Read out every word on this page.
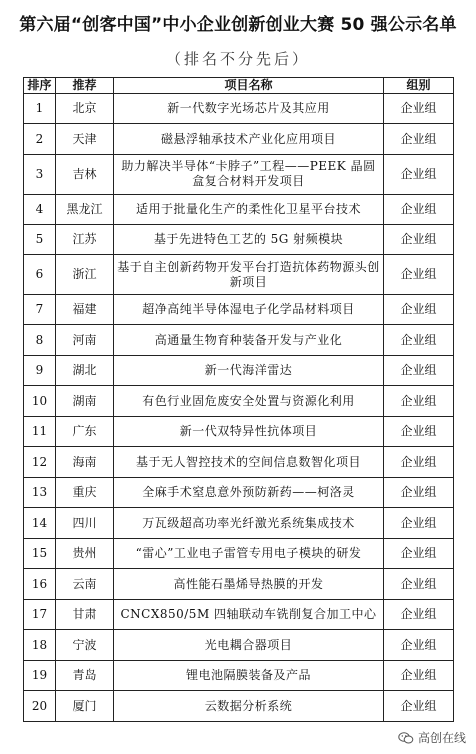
第六届“创客中国”中小企业创新创业大赛 50 强公示名单
（排名不分先后）
排序	推荐	项目名称	组别
1	北京	新一代数字光场芯片及其应用	企业组
2	天津	磁悬浮轴承技术产业化应用项目	企业组
3	吉林	助力解决半导体“卡脖子”工程——PEEK 晶圆盒复合材料开发项目	企业组
4	黑龙江	适用于批量化生产的柔性化卫星平台技术	企业组
5	江苏	基于先进特色工艺的 5G 射频模块	企业组
6	浙江	基于自主创新药物开发平台打造抗体药物源头创新项目	企业组
7	福建	超净高纯半导体湿电子化学品材料项目	企业组
8	河南	高通量生物育种装备开发与产业化	企业组
9	湖北	新一代海洋雷达	企业组
10	湖南	有色行业固危废安全处置与资源化利用	企业组
11	广东	新一代双特异性抗体项目	企业组
12	海南	基于无人智控技术的空间信息数智化项目	企业组
13	重庆	全麻手术窒息意外预防新药——柯洛灵	企业组
14	四川	万瓦级超高功率光纤激光系统集成技术	企业组
15	贵州	“雷心”工业电子雷管专用电子模块的研发	企业组
16	云南	高性能石墨烯导热膜的开发	企业组
17	甘肃	CNCX850/5M 四轴联动车铣削复合加工中心	企业组
18	宁波	光电耦合器项目	企业组
19	青岛	锂电池隔膜装备及产品	企业组
20	厦门	云数据分析系统	企业组
高创在线
